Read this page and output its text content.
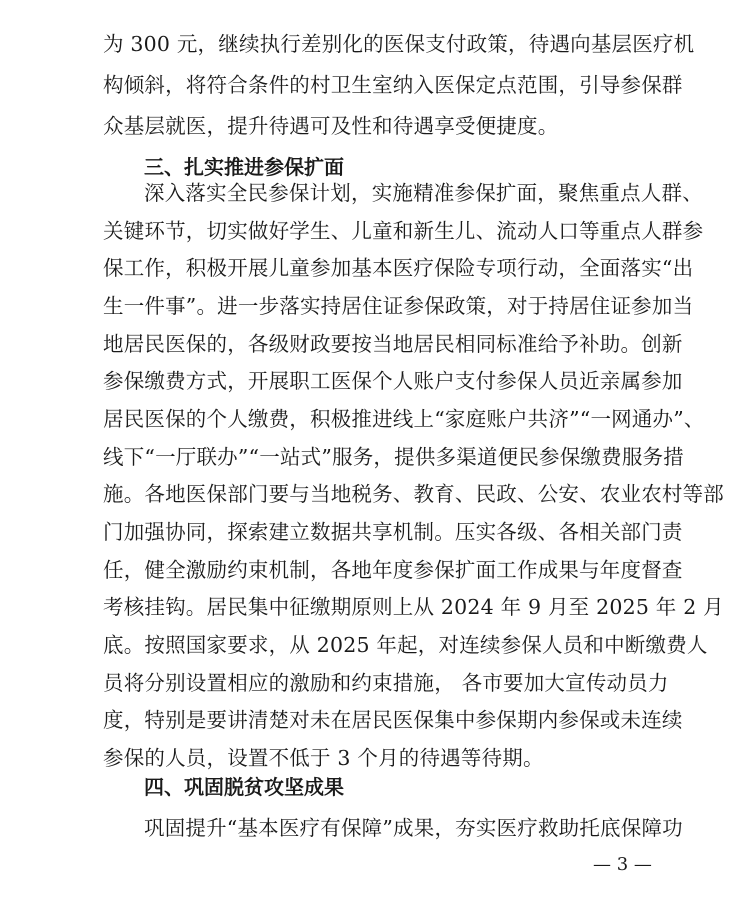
为 300 元，继续执行差别化的医保支付政策，待遇向基层医疗机
构倾斜，将符合条件的村卫生室纳入医保定点范围，引导参保群
众基层就医，提升待遇可及性和待遇享受便捷度。
三、扎实推进参保扩面
深入落实全民参保计划，实施精准参保扩面，聚焦重点人群、
关键环节，切实做好学生、儿童和新生儿、流动人口等重点人群参
保工作，积极开展儿童参加基本医疗保险专项行动，全面落实“出
生一件事”。进一步落实持居住证参保政策，对于持居住证参加当
地居民医保的，各级财政要按当地居民相同标准给予补助。创新
参保缴费方式，开展职工医保个人账户支付参保人员近亲属参加
居民医保的个人缴费，积极推进线上“家庭账户共济”“一网通办”、
线下“一厅联办”“一站式”服务，提供多渠道便民参保缴费服务措
施。各地医保部门要与当地税务、教育、民政、公安、农业农村等部
门加强协同，探索建立数据共享机制。压实各级、各相关部门责
任，健全激励约束机制，各地年度参保扩面工作成果与年度督查
考核挂钩。居民集中征缴期原则上从 2024 年 9 月至 2025 年 2 月
底。按照国家要求，从 2025 年起，对连续参保人员和中断缴费人
员将分别设置相应的激励和约束措施， 各市要加大宣传动员力
度，特别是要讲清楚对未在居民医保集中参保期内参保或未连续
参保的人员，设置不低于 3 个月的待遇等待期。
四、巩固脱贫攻坚成果
巩固提升“基本医疗有保障”成果，夯实医疗救助托底保障功
— 3 —
